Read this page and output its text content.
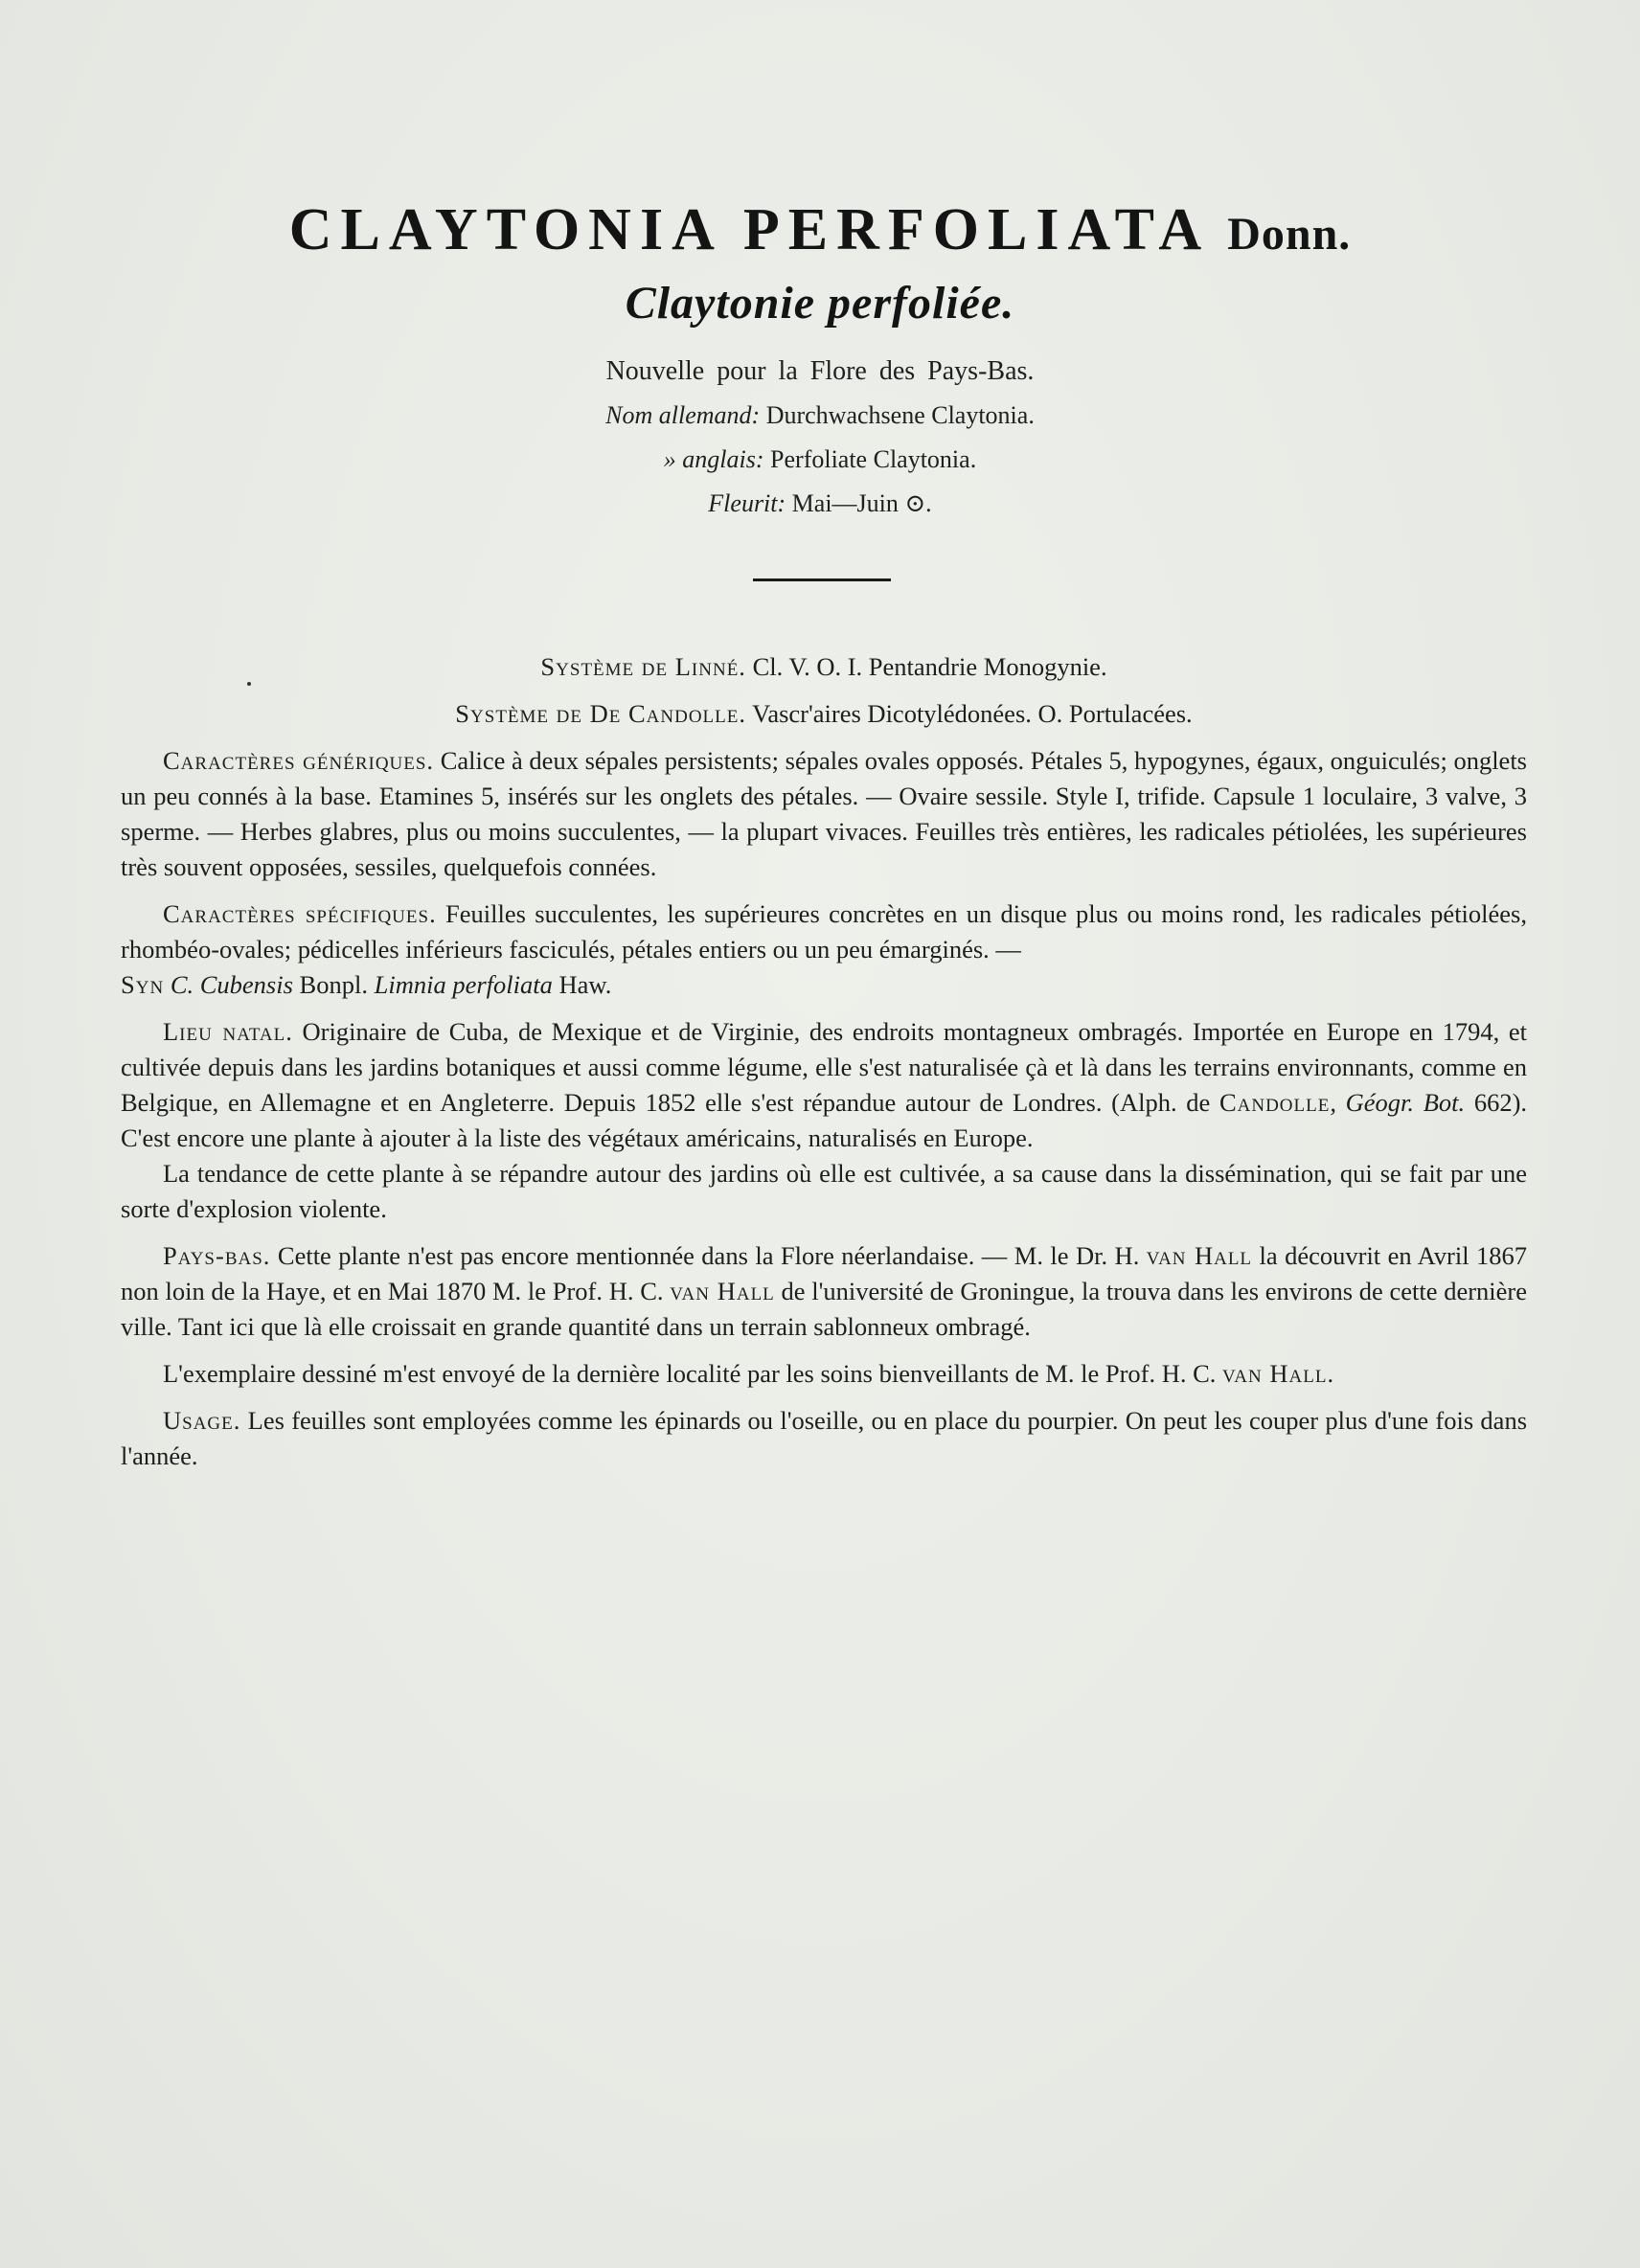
CLAYTONIA PERFOLIATA Donn.

Claytonie perfoliée.

Nouvelle pour la Flore des Pays-Bas.
Nom allemand: Durchwachsene Claytonia.
» anglais: Perfoliate Claytonia.
Fleurit: Mai—Juin ⊙.

Système de Linné. Cl. V. O. I. Pentandrie Monogynie.

Système de De Candolle. Vascr'aires Dicotylédonées. O. Portulacées.

Caractères génériques. Calice à deux sépales persistents; sépales ovales opposés. Pétales 5, hypogynes, égaux, onguiculés; onglets un peu connés à la base. Etamines 5, insérés sur les onglets des pétales. — Ovaire sessile. Style I, trifide. Capsule 1 loculaire, 3 valve, 3 sperme. — Herbes glabres, plus ou moins succulentes, — la plupart vivaces. Feuilles très entières, les radicales pétiolées, les supérieures très souvent opposées, sessiles, quelquefois connées.

Caractères spécifiques. Feuilles succulentes, les supérieures concrètes en un disque plus ou moins rond, les radicales pétiolées, rhombéo-ovales; pédicelles inférieurs fasciculés, pétales entiers ou un peu émarginés. —
Syn C. Cubensis Bonpl. Limnia perfoliata Haw.

Lieu natal. Originaire de Cuba, de Mexique et de Virginie, des endroits montagneux ombragés. Importée en Europe en 1794, et cultivée depuis dans les jardins botaniques et aussi comme légume, elle s'est naturalisée çà et là dans les terrains environnants, comme en Belgique, en Allemagne et en Angleterre. Depuis 1852 elle s'est répandue autour de Londres. (Alph. de Candolle, Géogr. Bot. 662). C'est encore une plante à ajouter à la liste des végétaux américains, naturalisés en Europe.

La tendance de cette plante à se répandre autour des jardins où elle est cultivée, a sa cause dans la dissémination, qui se fait par une sorte d'explosion violente.

Pays-bas. Cette plante n'est pas encore mentionnée dans la Flore néerlandaise. — M. le Dr. H. van Hall la découvrit en Avril 1867 non loin de la Haye, et en Mai 1870 M. le Prof. H. C. van Hall de l'université de Groningue, la trouva dans les environs de cette dernière ville. Tant ici que là elle croissait en grande quantité dans un terrain sablonneux ombragé.

L'exemplaire dessiné m'est envoyé de la dernière localité par les soins bienveillants de M. le Prof. H. C. van Hall.

Usage. Les feuilles sont employées comme les épinards ou l'oseille, ou en place du pourpier. On peut les couper plus d'une fois dans l'année.
